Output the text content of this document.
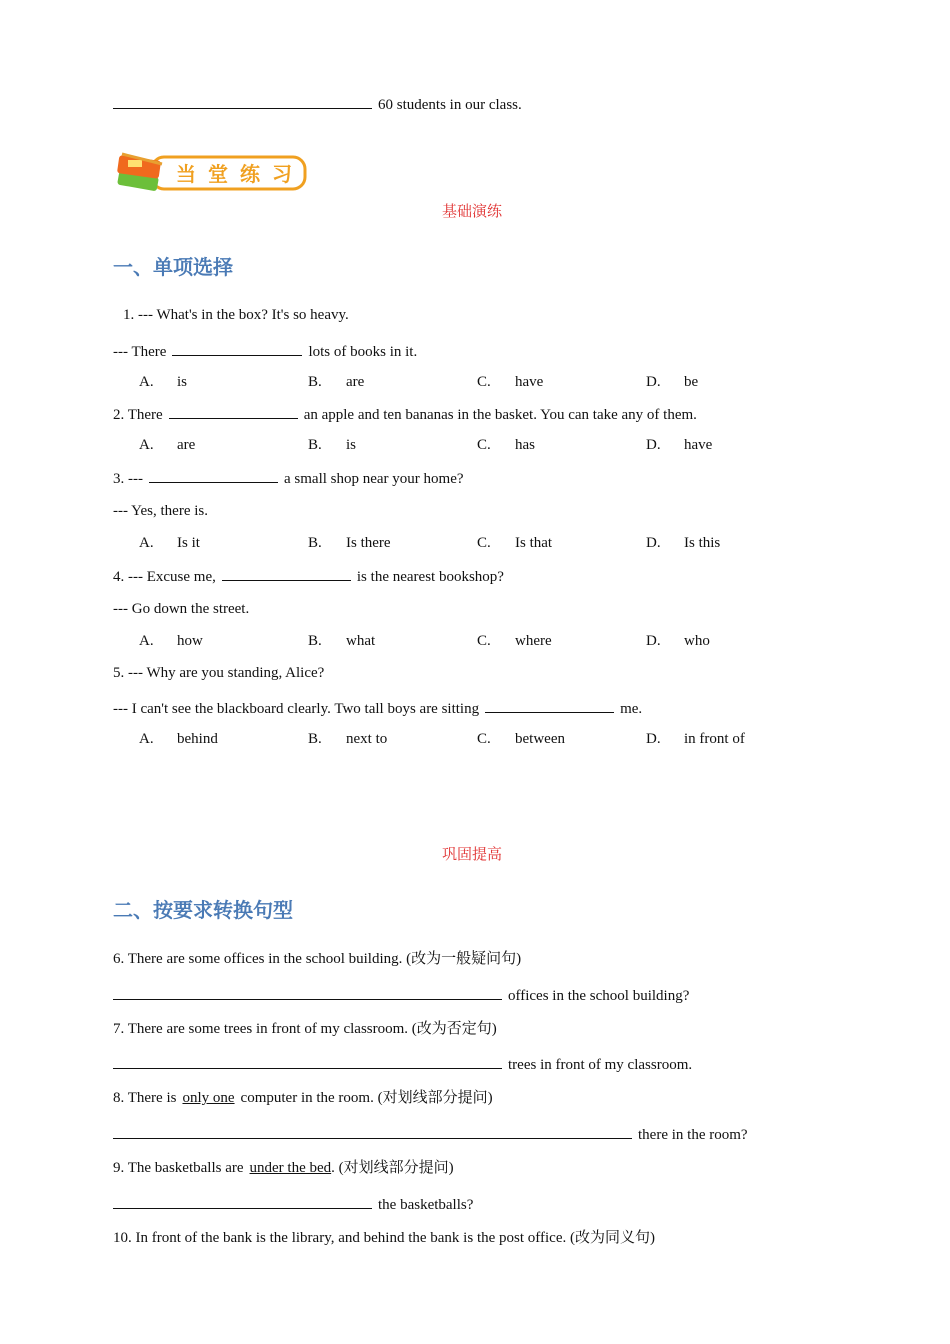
60 students in our class.
当堂练习
基础演练
一、单项选择
1. --- What's in the box? It's so heavy.
--- There	lots of books in it.
A. is	B. are	C. have	D. be
2. There	an apple and ten bananas in the basket. You can take any of them.
A. are	B. is	C. has	D. have
3. ---	a small shop near your home?
--- Yes, there is.
A. Is it	B. Is there	C. Is that	D. Is this
4. --- Excuse me,	is the nearest bookshop?
--- Go down the street.
A. how	B. what	C. where	D. who
5. --- Why are you standing, Alice?
--- I can't see the blackboard clearly. Two tall boys are sitting	me.
A. behind	B. next to	C. between	D. in front of
巩固提高
二、按要求转换句型
6. There are some offices in the school building. (改为一般疑问句)
offices in the school building?
7. There are some trees in front of my classroom. (改为否定句)
trees in front of my classroom.
8. There is only one computer in the room. (对划线部分提问)
there in the room?
9. The basketballs are under the bed. (对划线部分提问)
the basketballs?
10. In front of the bank is the library, and behind the bank is the post office. (改为同义句)
